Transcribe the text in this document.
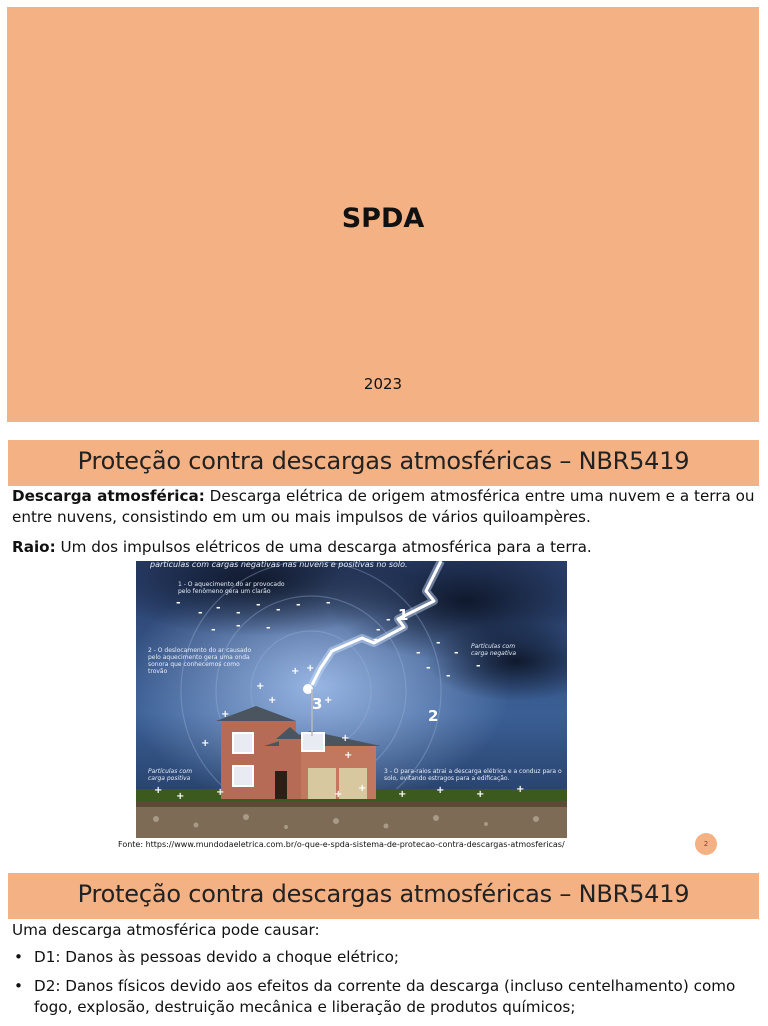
SPDA
2023
Proteção contra descargas atmosféricas – NBR5419
Descarga atmosférica: Descarga elétrica de origem atmosférica entre uma nuvem e a terra ou entre nuvens, consistindo em um ou mais impulsos de vários quiloampères.
Raio: Um dos impulsos elétricos de uma descarga atmosférica para a terra.
-
- - -
- - - -
- - -	-
-
-
-
-
-
-
-
-
+ +
+
+	+
+
+
+
+
+
+	+	+
+
+	+	+	+
partículas com cargas negativas nas nuvens e positivas no solo.
1 - O aquecimento do ar provocado pelo fenômeno gera um clarão
2 - O deslocamento do ar causado pelo aquecimento gera uma onda sonora que conhecemos como trovão
3 - O para-raios atrai a descarga elétrica e a conduz para o solo, evitando estragos para a edificação.
Partículas com carga negativa
Partículas com carga positiva
1
2
3
Fonte: https://www.mundodaeletrica.com.br/o-que-e-spda-sistema-de-protecao-contra-descargas-atmosfericas/	2
Proteção contra descargas atmosféricas – NBR5419
Uma descarga atmosférica pode causar:
• D1: Danos às pessoas devido a choque elétrico;
• D2: Danos físicos devido aos efeitos da corrente da descarga (incluso centelhamento) como fogo, explosão, destruição mecânica e liberação de produtos químicos;
